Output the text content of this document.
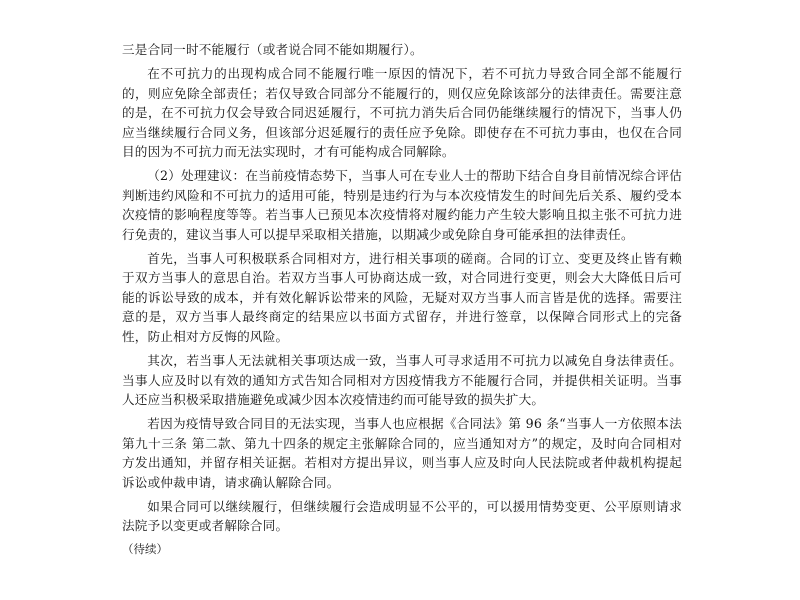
三是合同一时不能履行（或者说合同不能如期履行）。

在不可抗力的出现构成合同不能履行唯一原因的情况下，若不可抗力导致合同全部不能履行的，则应免除全部责任；若仅导致合同部分不能履行的，则仅应免除该部分的法律责任。需要注意的是，在不可抗力仅会导致合同迟延履行，不可抗力消失后合同仍能继续履行的情况下，当事人仍应当继续履行合同义务，但该部分迟延履行的责任应予免除。即使存在不可抗力事由，也仅在合同目的因为不可抗力而无法实现时，才有可能构成合同解除。

（2）处理建议：在当前疫情态势下，当事人可在专业人士的帮助下结合自身目前情况综合评估判断违约风险和不可抗力的适用可能，特别是违约行为与本次疫情发生的时间先后关系、履约受本次疫情的影响程度等等。若当事人已预见本次疫情将对履约能力产生较大影响且拟主张不可抗力进行免责的，建议当事人可以提早采取相关措施，以期减少或免除自身可能承担的法律责任。

首先，当事人可积极联系合同相对方，进行相关事项的磋商。合同的订立、变更及终止皆有赖于双方当事人的意思自治。若双方当事人可协商达成一致，对合同进行变更，则会大大降低日后可能的诉讼导致的成本，并有效化解诉讼带来的风险，无疑对双方当事人而言皆是优的选择。需要注意的是，双方当事人最终商定的结果应以书面方式留存，并进行签章，以保障合同形式上的完备性，防止相对方反悔的风险。

其次，若当事人无法就相关事项达成一致，当事人可寻求适用不可抗力以减免自身法律责任。当事人应及时以有效的通知方式告知合同相对方因疫情我方不能履行合同，并提供相关证明。当事人还应当积极采取措施避免或减少因本次疫情违约而可能导致的损失扩大。

若因为疫情导致合同目的无法实现，当事人也应根据《合同法》第 96 条“当事人一方依照本法第九十三条 第二款、第九十四条的规定主张解除合同的，应当通知对方”的规定，及时向合同相对方发出通知，并留存相关证据。若相对方提出异议，则当事人应及时向人民法院或者仲裁机构提起诉讼或仲裁申请，请求确认解除合同。

如果合同可以继续履行，但继续履行会造成明显不公平的，可以援用情势变更、公平原则请求法院予以变更或者解除合同。

（待续）
